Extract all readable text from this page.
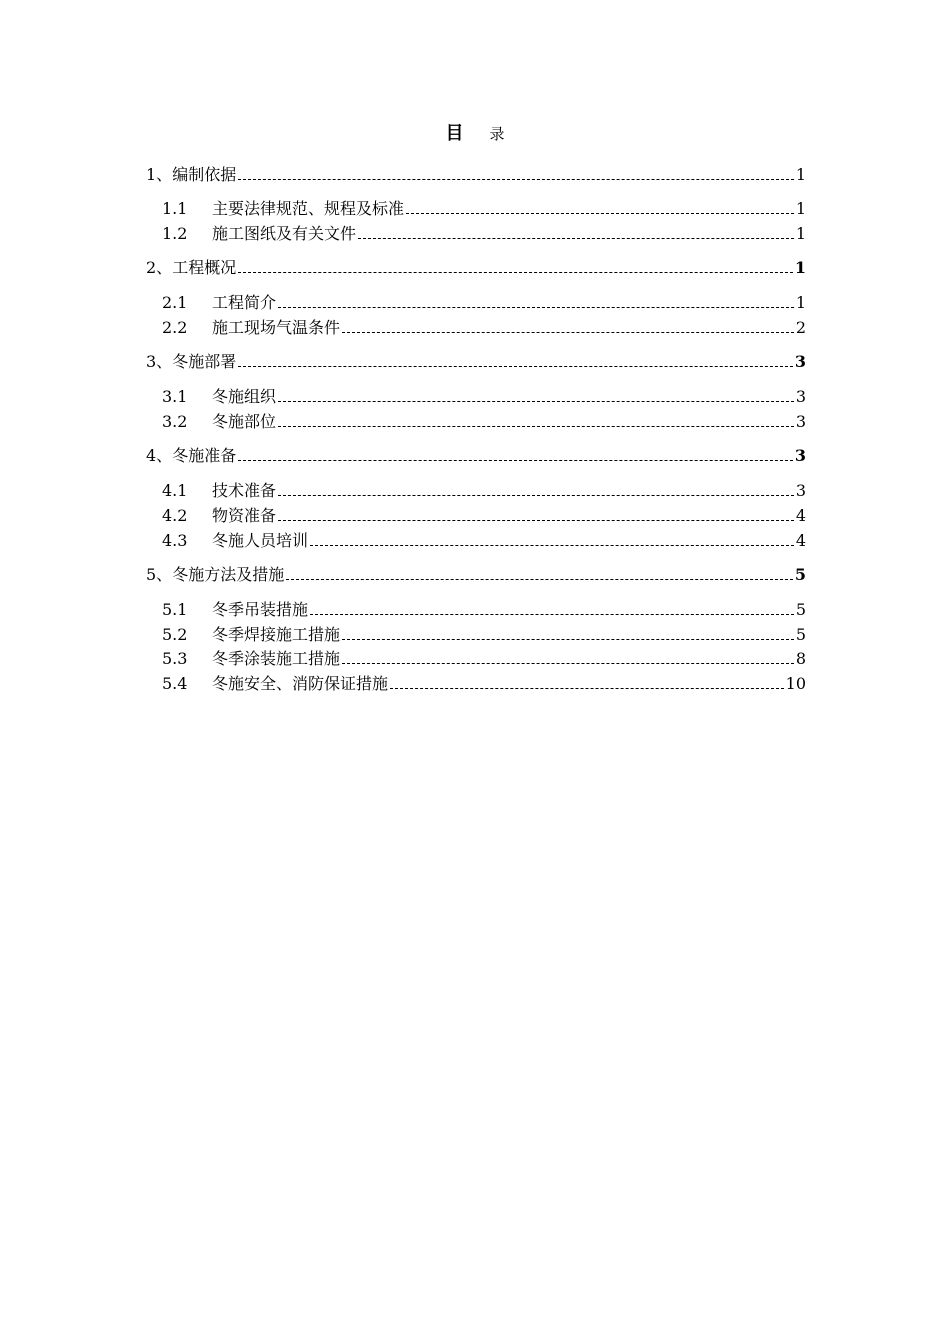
目 录
1、 编制依据	1
1.1	主要法律规范、规程及标准	1
1.2	施工图纸及有关文件	1
2、 工程概况	1
2.1	工程简介	1
2.2	施工现场气温条件	2
3、 冬施部署	3
3.1	冬施组织	3
3.2	冬施部位	3
4、 冬施准备	3
4.1	技术准备	3
4.2	物资准备	4
4.3	冬施人员培训	4
5、 冬施方法及措施	5
5.1	冬季吊装措施	5
5.2	冬季焊接施工措施	5
5.3	冬季涂装施工措施	8
5.4	冬施安全、消防保证措施	10
